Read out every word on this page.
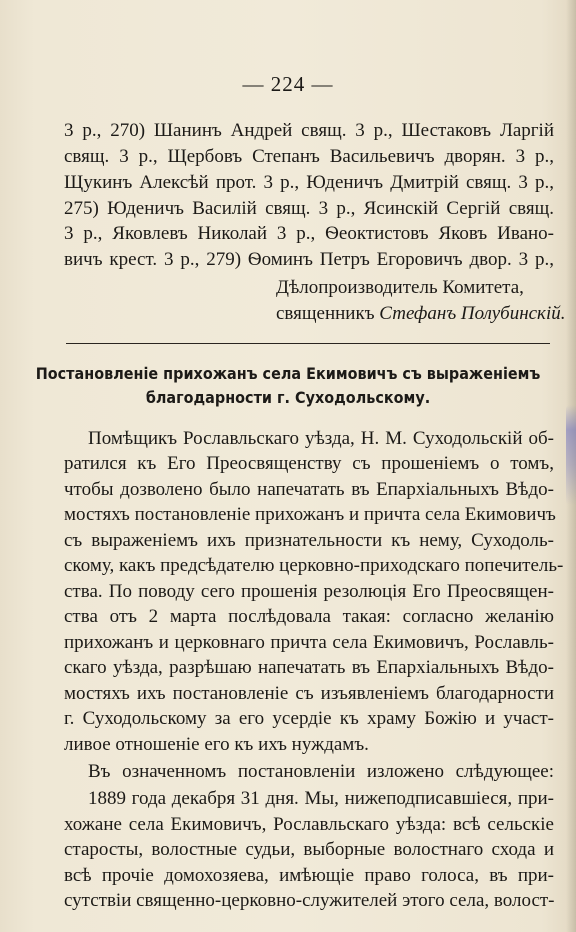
— 224 —
3 р., 270) Шанинъ Андрей свящ. 3 р., Шестаковъ Ларгій
свящ. 3 р., Щербовъ Степанъ Васильевичъ дворян. 3 р.,
Щукинъ Алексѣй прот. 3 р., Юденичъ Дмитрій свящ. 3 р.,
275) Юденичъ Василій свящ. 3 р., Ясинскій Сергій свящ.
3 р., Яковлевъ Николай 3 р., Ѳеоктистовъ Яковъ Ивано-
вичъ крест. 3 р., 279) Ѳоминъ Петръ Егоровичъ двор. 3 р.,
Дѣлопроизводитель Комитета,
священникъ Стефанъ Полубинскій.
Постановленіе прихожанъ села Екимовичъ съ выраженіемъ
благодарности г. Суходольскому.
Помѣщикъ Рославльскаго уѣзда, Н. М. Суходольскій об-
ратился къ Его Преосвященству съ прошеніемъ о томъ,
чтобы дозволено было напечатать въ Епархіальныхъ Вѣдо-
мостяхъ постановленіе прихожанъ и причта села Екимовичъ
съ выраженіемъ ихъ признательности къ нему, Суходоль-
скому, какъ предсѣдателю церковно-приходскаго попечитель-
ства. По поводу сего прошенія резолюція Его Преосвящен-
ства отъ 2 марта послѣдовала такая: согласно желанію
прихожанъ и церковнаго причта села Екимовичъ, Рославль-
скаго уѣзда, разрѣшаю напечатать въ Епархіальныхъ Вѣдо-
мостяхъ ихъ постановленіе съ изъявленіемъ благодарности
г. Суходольскому за его усердіе къ храму Божію и участ-
ливое отношеніе его къ ихъ нуждамъ.
Въ означенномъ постановленіи изложено слѣдующее:
1889 года декабря 31 дня. Мы, нижеподписавшіеся, при-
хожане села Екимовичъ, Рославльскаго уѣзда: всѣ сельскіе
старосты, волостные судьи, выборные волостнаго схода и
всѣ прочіе домохозяева, имѣющіе право голоса, въ при-
сутствіи священно-церковно-служителей этого села, волост-
